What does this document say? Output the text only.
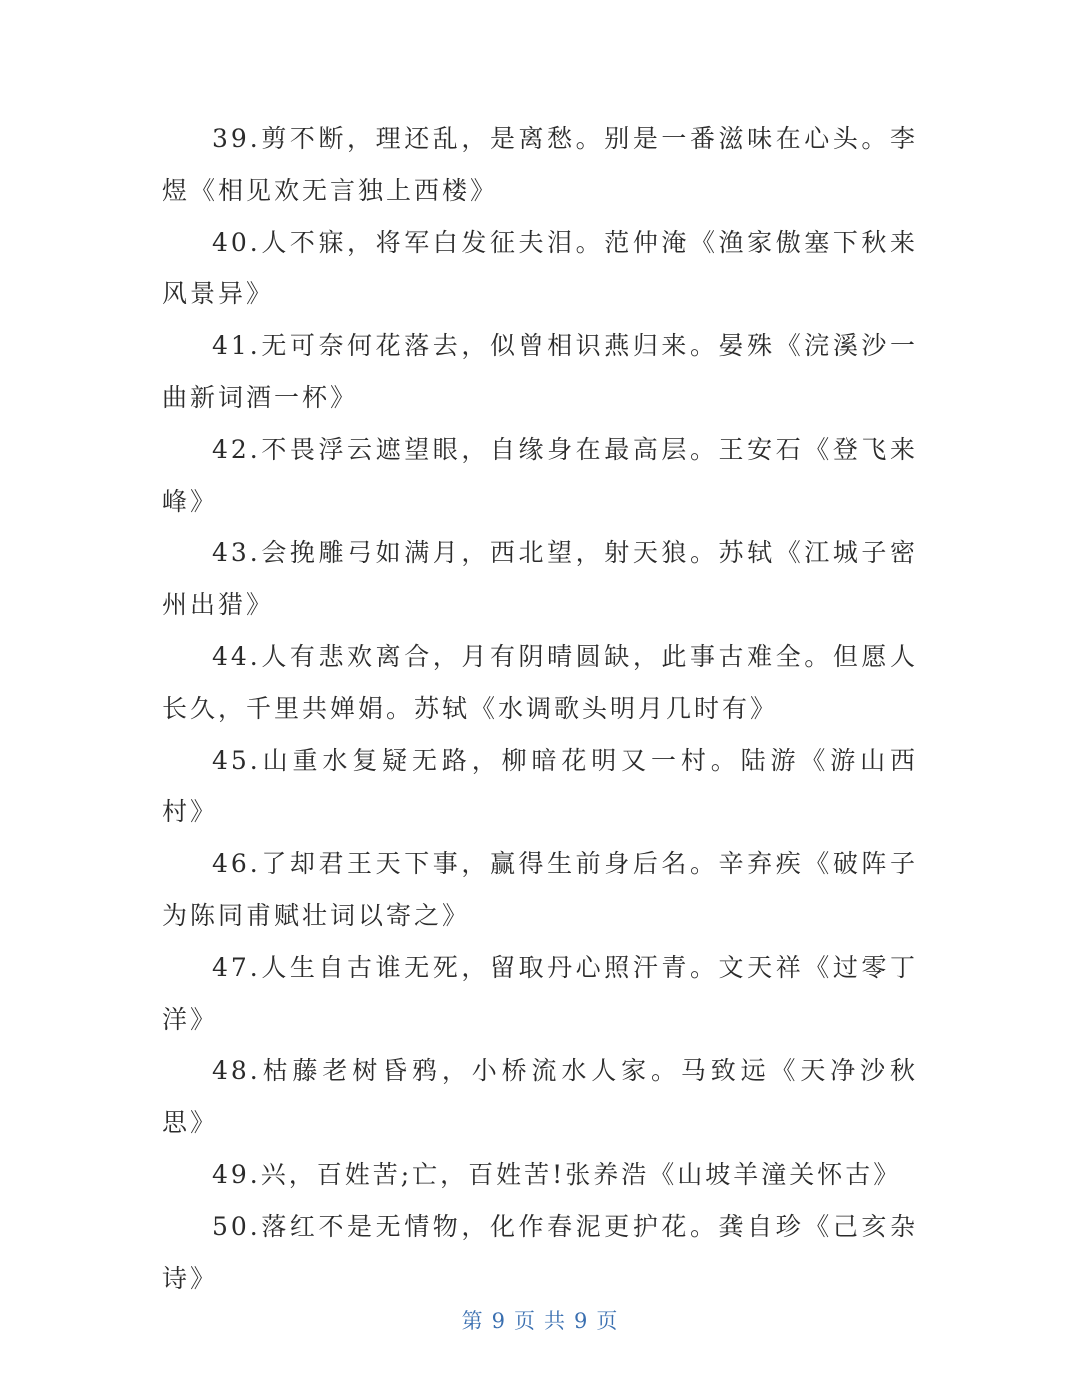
39.剪不断，理还乱，是离愁。别是一番滋味在心头。李煜《相见欢无言独上西楼》

40.人不寐，将军白发征夫泪。范仲淹《渔家傲塞下秋来风景异》

41.无可奈何花落去，似曾相识燕归来。晏殊《浣溪沙一曲新词酒一杯》

42.不畏浮云遮望眼，自缘身在最高层。王安石《登飞来峰》

43.会挽雕弓如满月，西北望，射天狼。苏轼《江城子密州出猎》

44.人有悲欢离合，月有阴晴圆缺，此事古难全。但愿人长久，千里共婵娟。苏轼《水调歌头明月几时有》

45.山重水复疑无路，柳暗花明又一村。陆游《游山西村》

46.了却君王天下事，赢得生前身后名。辛弃疾《破阵子为陈同甫赋壮词以寄之》

47.人生自古谁无死，留取丹心照汗青。文天祥《过零丁洋》

48.枯藤老树昏鸦，小桥流水人家。马致远《天净沙秋思》

49.兴，百姓苦;亡，百姓苦!张养浩《山坡羊潼关怀古》

50.落红不是无情物，化作春泥更护花。龚自珍《己亥杂诗》

第 9 页 共 9 页
